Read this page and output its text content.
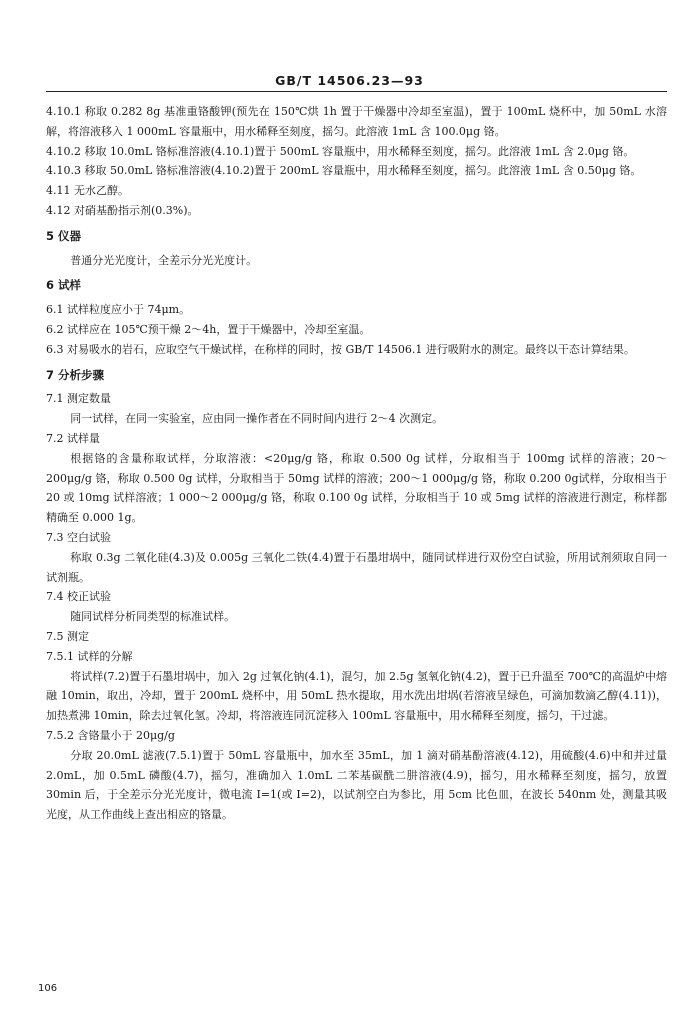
GB/T 14506.23—93

4.10.1 称取 0.282 8g 基准重铬酸钾(预先在 150℃烘 1h 置于干燥器中冷却至室温)，置于 100mL 烧杯中，加 50mL 水溶解，将溶液移入 1 000mL 容量瓶中，用水稀释至刻度，摇匀。此溶液 1mL 含 100.0μg 铬。

4.10.2 移取 10.0mL 铬标准溶液(4.10.1)置于 500mL 容量瓶中，用水稀释至刻度，摇匀。此溶液 1mL 含 2.0μg 铬。

4.10.3 移取 50.0mL 铬标准溶液(4.10.2)置于 200mL 容量瓶中，用水稀释至刻度，摇匀。此溶液 1mL 含 0.50μg 铬。

4.11 无水乙醇。

4.12 对硝基酚指示剂(0.3%)。

5 仪器

普通分光光度计，全差示分光光度计。

6 试样

6.1 试样粒度应小于 74μm。

6.2 试样应在 105℃预干燥 2～4h，置于干燥器中，冷却至室温。

6.3 对易吸水的岩石，应取空气干燥试样，在称样的同时，按 GB/T 14506.1 进行吸附水的测定。最终以干态计算结果。

7 分析步骤

7.1 测定数量

同一试样，在同一实验室，应由同一操作者在不同时间内进行 2～4 次测定。

7.2 试样量

根据铬的含量称取试样，分取溶液：<20μg/g 铬，称取 0.500 0g 试样，分取相当于 100mg 试样的溶液；20～200μg/g 铬，称取 0.500 0g 试样，分取相当于 50mg 试样的溶液；200～1 000μg/g 铬，称取 0.200 0g试样，分取相当于 20 或 10mg 试样溶液；1 000～2 000μg/g 铬，称取 0.100 0g 试样，分取相当于 10 或 5mg 试样的溶液进行测定，称样都精确至 0.000 1g。

7.3 空白试验

称取 0.3g 二氧化硅(4.3)及 0.005g 三氧化二铁(4.4)置于石墨坩埚中，随同试样进行双份空白试验，所用试剂须取自同一试剂瓶。

7.4 校正试验

随同试样分析同类型的标准试样。

7.5 测定

7.5.1 试样的分解

将试样(7.2)置于石墨坩埚中，加入 2g 过氧化钠(4.1)，混匀，加 2.5g 氢氧化钠(4.2)，置于已升温至 700℃的高温炉中熔融 10min，取出，冷却，置于 200mL 烧杯中，用 50mL 热水提取，用水洗出坩埚(若溶液呈绿色，可滴加数滴乙醇(4.11))，加热煮沸 10min，除去过氧化氢。冷却，将溶液连同沉淀移入 100mL 容量瓶中，用水稀释至刻度，摇匀，干过滤。

7.5.2 含铬量小于 20μg/g

分取 20.0mL 滤液(7.5.1)置于 50mL 容量瓶中，加水至 35mL，加 1 滴对硝基酚溶液(4.12)，用硫酸(4.6)中和并过量 2.0mL，加 0.5mL 磷酸(4.7)，摇匀，准确加入 1.0mL 二苯基碳酰二肼溶液(4.9)，摇匀，用水稀释至刻度，摇匀，放置 30min 后，于全差示分光光度计，微电流 I=1(或 I=2)，以试剂空白为参比，用 5cm 比色皿，在波长 540nm 处，测量其吸光度，从工作曲线上查出相应的铬量。

106
